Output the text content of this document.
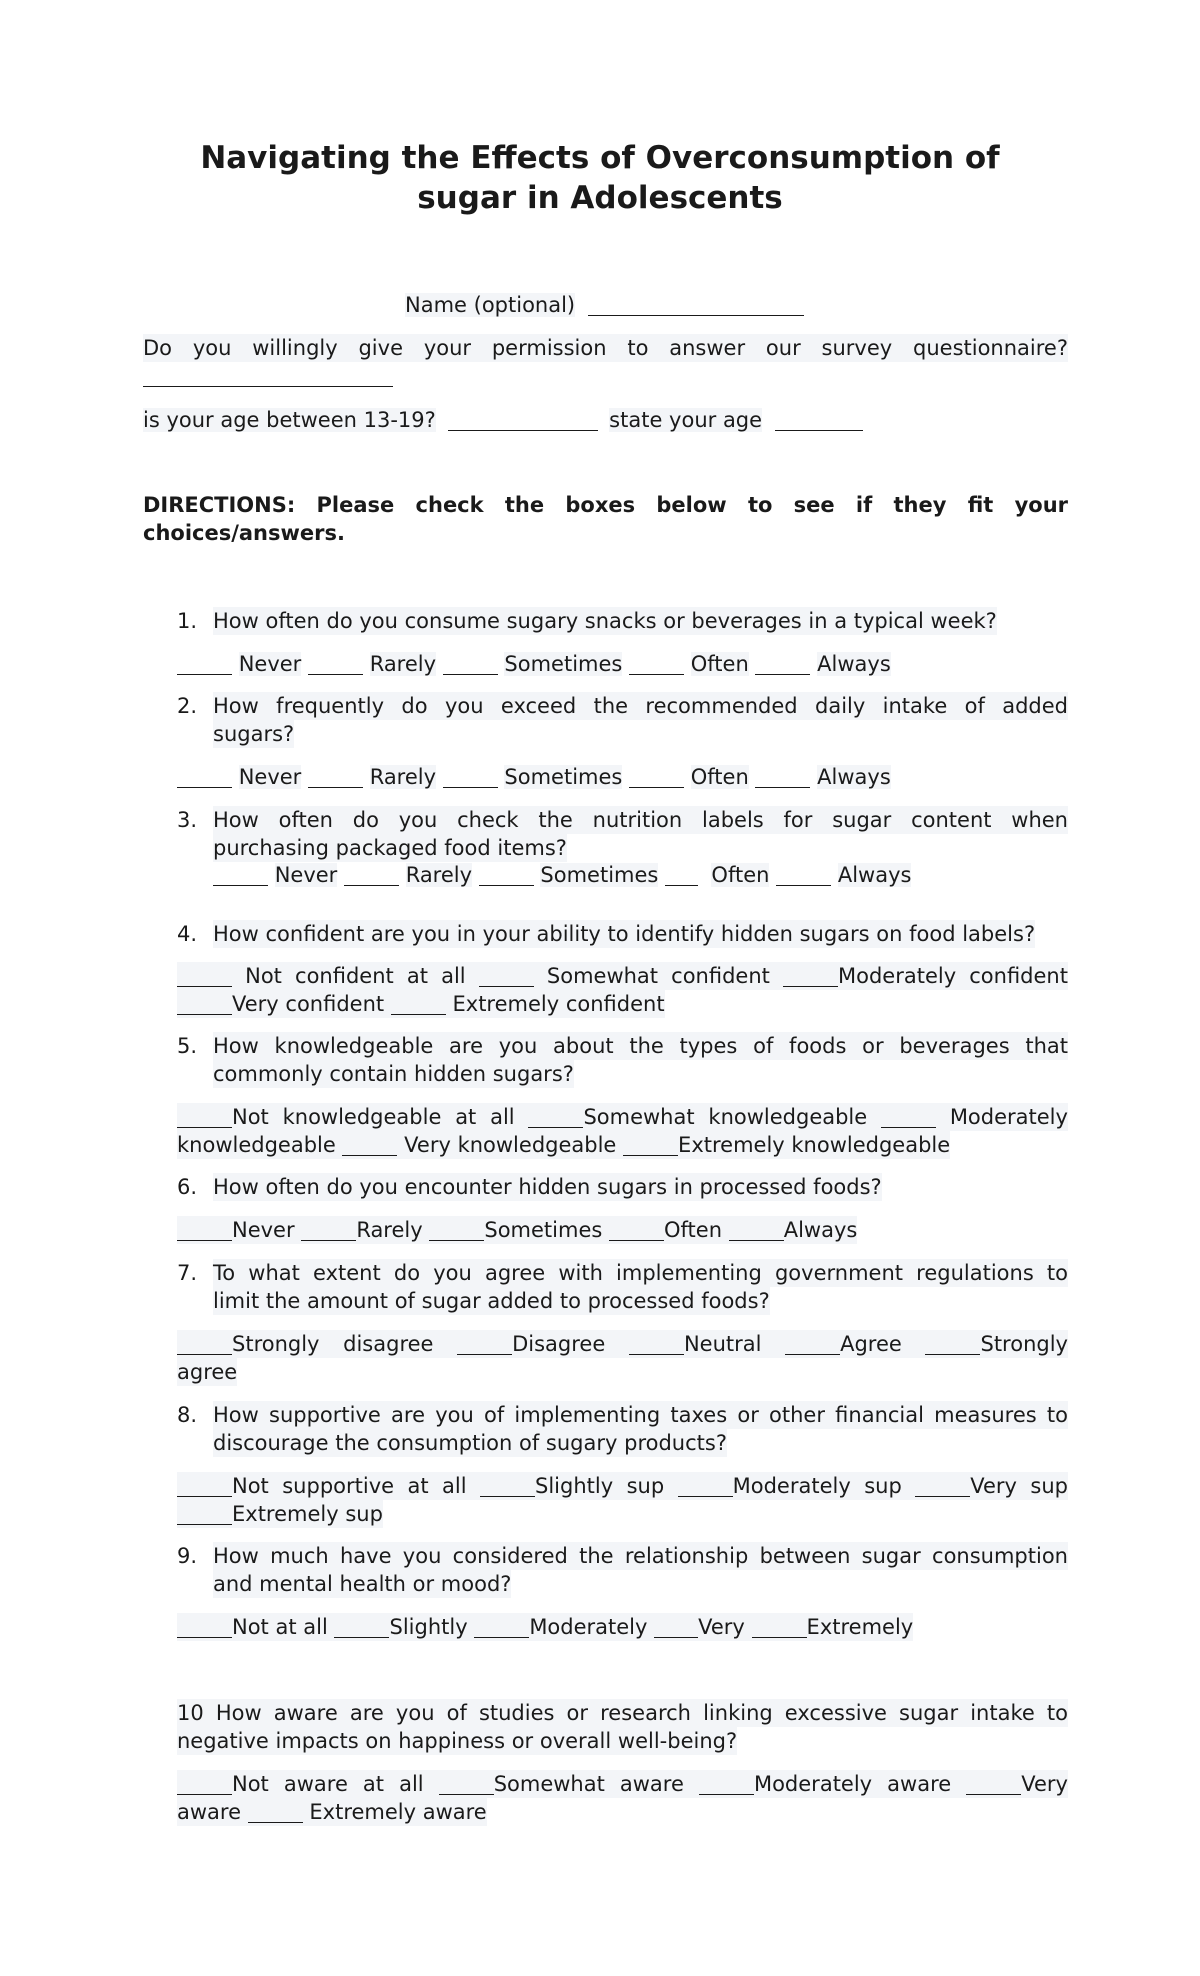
Navigating the Effects of Overconsumption of
sugar in Adolescents
Name (optional)
Do you willingly give your permission to answer our survey questionnaire?
is your age between 13-19?	state your age
DIRECTIONS: Please check the boxes below to see if they fit your
choices/answers.
1. How often do you consume sugary snacks or beverages in a typical week?
Never	Rarely	Sometimes	Often	Always
2. How frequently do you exceed the recommended daily intake of added
sugars?
Never	Rarely	Sometimes	Often	Always
3. How often do you check the nutrition labels for sugar content when
purchasing packaged food items?
Never	Rarely	Sometimes	Often	Always
4. How confident are you in your ability to identify hidden sugars on food labels?
Not confident at all	Somewhat confident	Moderately confident
Very confident	Extremely confident
5. How knowledgeable are you about the types of foods or beverages that
commonly contain hidden sugars?
Not knowledgeable at all	Somewhat knowledgeable	Moderately
knowledgeable	Very knowledgeable	Extremely knowledgeable
6. How often do you encounter hidden sugars in processed foods?
Never	Rarely	Sometimes	Often	Always
7. To what extent do you agree with implementing government regulations to
limit the amount of sugar added to processed foods?
Strongly disagree	Disagree	Neutral	Agree	Strongly
agree
8. How supportive are you of implementing taxes or other financial measures to
discourage the consumption of sugary products?
Not supportive at all	Slightly sup	Moderately sup	Very sup
Extremely sup
9. How much have you considered the relationship between sugar consumption
and mental health or mood?
Not at all	Slightly	Moderately Very	Extremely
10 How aware are you of studies or research linking excessive sugar intake to
negative impacts on happiness or overall well-being?
Not aware at all	Somewhat aware	Moderately aware	Very
aware	Extremely aware
